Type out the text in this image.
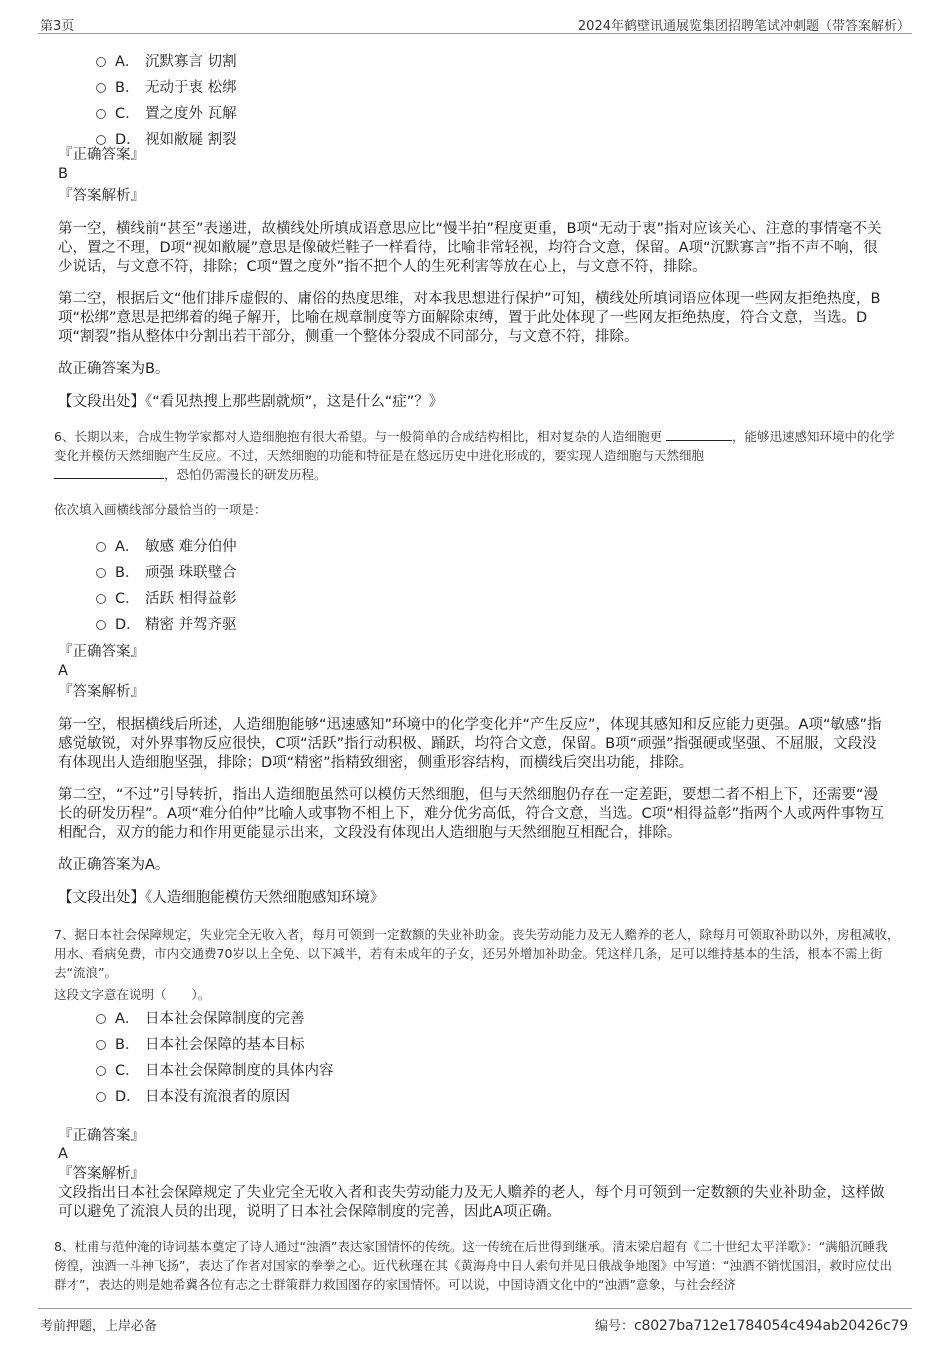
第3页	2024年鹤壁讯通展览集团招聘笔试冲刺题（带答案解析）
A． 沉默寡言 切割
B． 无动于衷 松绑
C． 置之度外 瓦解
D． 视如敝屣 割裂
『正确答案』
B
『答案解析』
第一空，横线前“甚至”表递进，故横线处所填成语意思应比“慢半拍”程度更重，B项“无动于衷”指对应该关心、注意的事情毫不关心，置之不理，D项“视如敝屣”意思是像破烂鞋子一样看待，比喻非常轻视，均符合文意，保留。A项“沉默寡言”指不声不响，很少说话，与文意不符，排除；C项“置之度外”指不把个人的生死利害等放在心上，与文意不符，排除。
第二空，根据后文“他们排斥虚假的、庸俗的热度思维，对本我思想进行保护”可知，横线处所填词语应体现一些网友拒绝热度，B项“松绑”意思是把绑着的绳子解开，比喻在规章制度等方面解除束缚，置于此处体现了一些网友拒绝热度，符合文意，当选。D项“割裂”指从整体中分割出若干部分，侧重一个整体分裂成不同部分，与文意不符，排除。
故正确答案为B。
【文段出处】《“看见热搜上那些剧就烦”，这是什么“症”？》
6、长期以来，合成生物学家都对人造细胞抱有很大希望。与一般简单的合成结构相比，相对复杂的人造细胞更	，能够迅速感知环境中的化学变化并模仿天然细胞产生反应。不过，天然细胞的功能和特征是在悠远历史中进化形成的，要实现人造细胞与天然细胞
，恐怕仍需漫长的研发历程。
依次填入画横线部分最恰当的一项是：
A． 敏感 难分伯仲
B． 顽强 珠联璧合
C． 活跃 相得益彰
D． 精密 并驾齐驱
『正确答案』
A
『答案解析』
第一空，根据横线后所述，人造细胞能够“迅速感知”环境中的化学变化并“产生反应”，体现其感知和反应能力更强。A项“敏感”指感觉敏锐，对外界事物反应很快，C项“活跃”指行动积极、踊跃，均符合文意，保留。B项“顽强”指强硬或坚强、不屈服，文段没有体现出人造细胞坚强，排除；D项“精密”指精致细密，侧重形容结构，而横线后突出功能，排除。
第二空，“不过”引导转折，指出人造细胞虽然可以模仿天然细胞，但与天然细胞仍存在一定差距，要想二者不相上下，还需要“漫长的研发历程”。A项“难分伯仲”比喻人或事物不相上下，难分优劣高低，符合文意，当选。C项“相得益彰”指两个人或两件事物互相配合，双方的能力和作用更能显示出来，文段没有体现出人造细胞与天然细胞互相配合，排除。
故正确答案为A。
【文段出处】《人造细胞能模仿天然细胞感知环境》
7、据日本社会保障规定，失业完全无收入者，每月可领到一定数额的失业补助金。丧失劳动能力及无人赡养的老人，除每月可领取补助以外，房租减收，用水、看病免费，市内交通费70岁以上全免、以下减半，若有未成年的子女，还另外增加补助金。凭这样几条，足可以维持基本的生活，根本不需上街去“流浪”。
这段文字意在说明（　　）。
A． 日本社会保障制度的完善
B． 日本社会保障的基本目标
C． 日本社会保障制度的具体内容
D． 日本没有流浪者的原因
『正确答案』
A
『答案解析』
文段指出日本社会保障规定了失业完全无收入者和丧失劳动能力及无人赡养的老人，每个月可领到一定数额的失业补助金，这样做可以避免了流浪人员的出现，说明了日本社会保障制度的完善，因此A项正确。
8、杜甫与范仲淹的诗词基本奠定了诗人通过“浊酒”表达家国情怀的传统。这一传统在后世得到继承。清末梁启超有《二十世纪太平洋歌》：“满船沉睡我傍徨，浊酒一斗神飞扬”，表达了作者对国家的拳拳之心。近代秋瑾在其《黄海舟中日人索句并见日俄战争地图》中写道：“浊酒不销忧国泪，救时应仗出群才”，表达的则是她希冀各位有志之士群策群力救国图存的家国情怀。可以说，中国诗酒文化中的“浊酒”意象，与社会经济
考前押题，上岸必备	编号：c8027ba712e1784054c494ab20426c79
